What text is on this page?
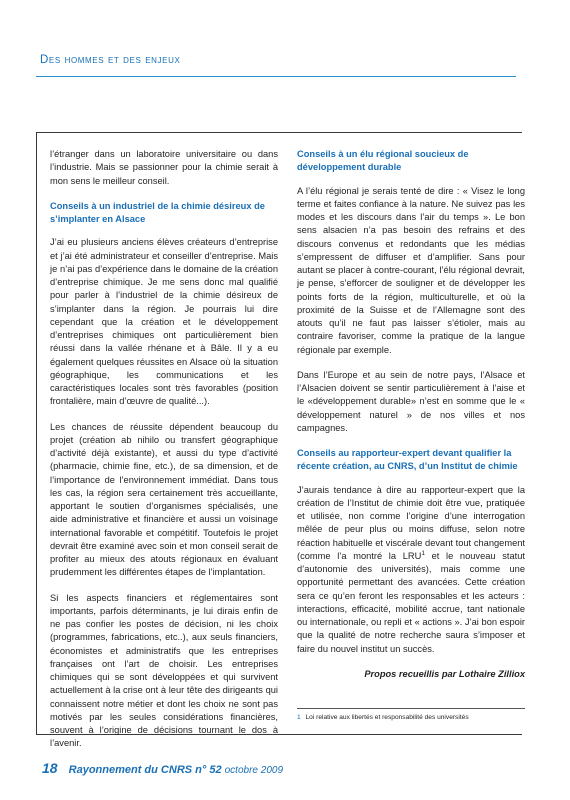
Des hommes et des enjeux

l’étranger dans un laboratoire universitaire ou dans l’industrie. Mais se passionner pour la chimie serait à mon sens le meilleur conseil.

Conseils à un industriel de la chimie désireux de s’implanter en Alsace

J’ai eu plusieurs anciens élèves créateurs d’entreprise et j’ai été administrateur et conseiller d’entreprise. Mais je n’ai pas d’expérience dans le domaine de la création d’entreprise chimique. Je me sens donc mal qualifié pour parler à l’industriel de la chimie désireux de s’implanter dans la région. Je pourrais lui dire cependant que la création et le développement d’entreprises chimiques ont particulièrement bien réussi dans la vallée rhénane et à Bâle. Il y a eu également quelques réussites en Alsace où la situation géographique, les communications et les caractéristiques locales sont très favorables (position frontalière, main d’œuvre de qualité...).

Les chances de réussite dépendent beaucoup du projet (création ab nihilo ou transfert géographique d’activité déjà existante), et aussi du type d’activité (pharmacie, chimie fine, etc.), de sa dimension, et de l’importance de l’environnement immédiat. Dans tous les cas, la région sera certainement très accueillante, apportant le soutien d’organismes spécialisés, une aide administrative et financière et aussi un voisinage international favorable et compétitif. Toutefois le projet devrait être examiné avec soin et mon conseil serait de profiter au mieux des atouts régionaux en évaluant prudemment les différentes étapes de l’implantation.

Si les aspects financiers et réglementaires sont importants, parfois déterminants, je lui dirais enfin de ne pas confier les postes de décision, ni les choix (programmes, fabrications, etc..), aux seuls financiers, économistes et administratifs que les entreprises françaises ont l’art de choisir. Les entreprises chimiques qui se sont développées et qui survivent actuellement à la crise ont à leur tête des dirigeants qui connaissent notre métier et dont les choix ne sont pas motivés par les seules considérations financières, souvent à l’origine de décisions tournant le dos à l’avenir.

Conseils à un élu régional soucieux de développement durable

A l’élu régional je serais tenté de dire : « Visez le long terme et faites confiance à la nature. Ne suivez pas les modes et les discours dans l’air du temps ». Le bon sens alsacien n’a pas besoin des refrains et des discours convenus et redondants que les médias s’empressent de diffuser et d’amplifier. Sans pour autant se placer à contre-courant, l’élu régional devrait, je pense, s’efforcer de souligner et de développer les points forts de la région, multiculturelle, et où la proximité de la Suisse et de l’Allemagne sont des atouts qu’il ne faut pas laisser s’étioler, mais au contraire favoriser, comme la pratique de la langue régionale par exemple.

Dans l’Europe et au sein de notre pays, l’Alsace et l’Alsacien doivent se sentir particulièrement à l’aise et le «développement durable» n’est en somme que le « développement naturel » de nos villes et nos campagnes.

Conseils au rapporteur-expert devant qualifier la récente création, au CNRS, d’un Institut de chimie

J’aurais tendance à dire au rapporteur-expert que la création de l’Institut de chimie doit être vue, pratiquée et utilisée, non comme l’origine d’une interrogation mêlée de peur plus ou moins diffuse, selon notre réaction habituelle et viscérale devant tout changement (comme l’a montré la LRU$^1$ et le nouveau statut d’autonomie des universités), mais comme une opportunité permettant des avancées. Cette création sera ce qu’en feront les responsables et les acteurs : interactions, efficacité, mobilité accrue, tant nationale ou internationale, ou repli et « actions ». J’ai bon espoir que la qualité de notre recherche saura s’imposer et faire du nouvel institut un succès.

Propos recueillis par Lothaire Zilliox
1 Loi relative aux libertés et responsabilité des universités
18 Rayonnement du CNRS n° 52 octobre 2009
